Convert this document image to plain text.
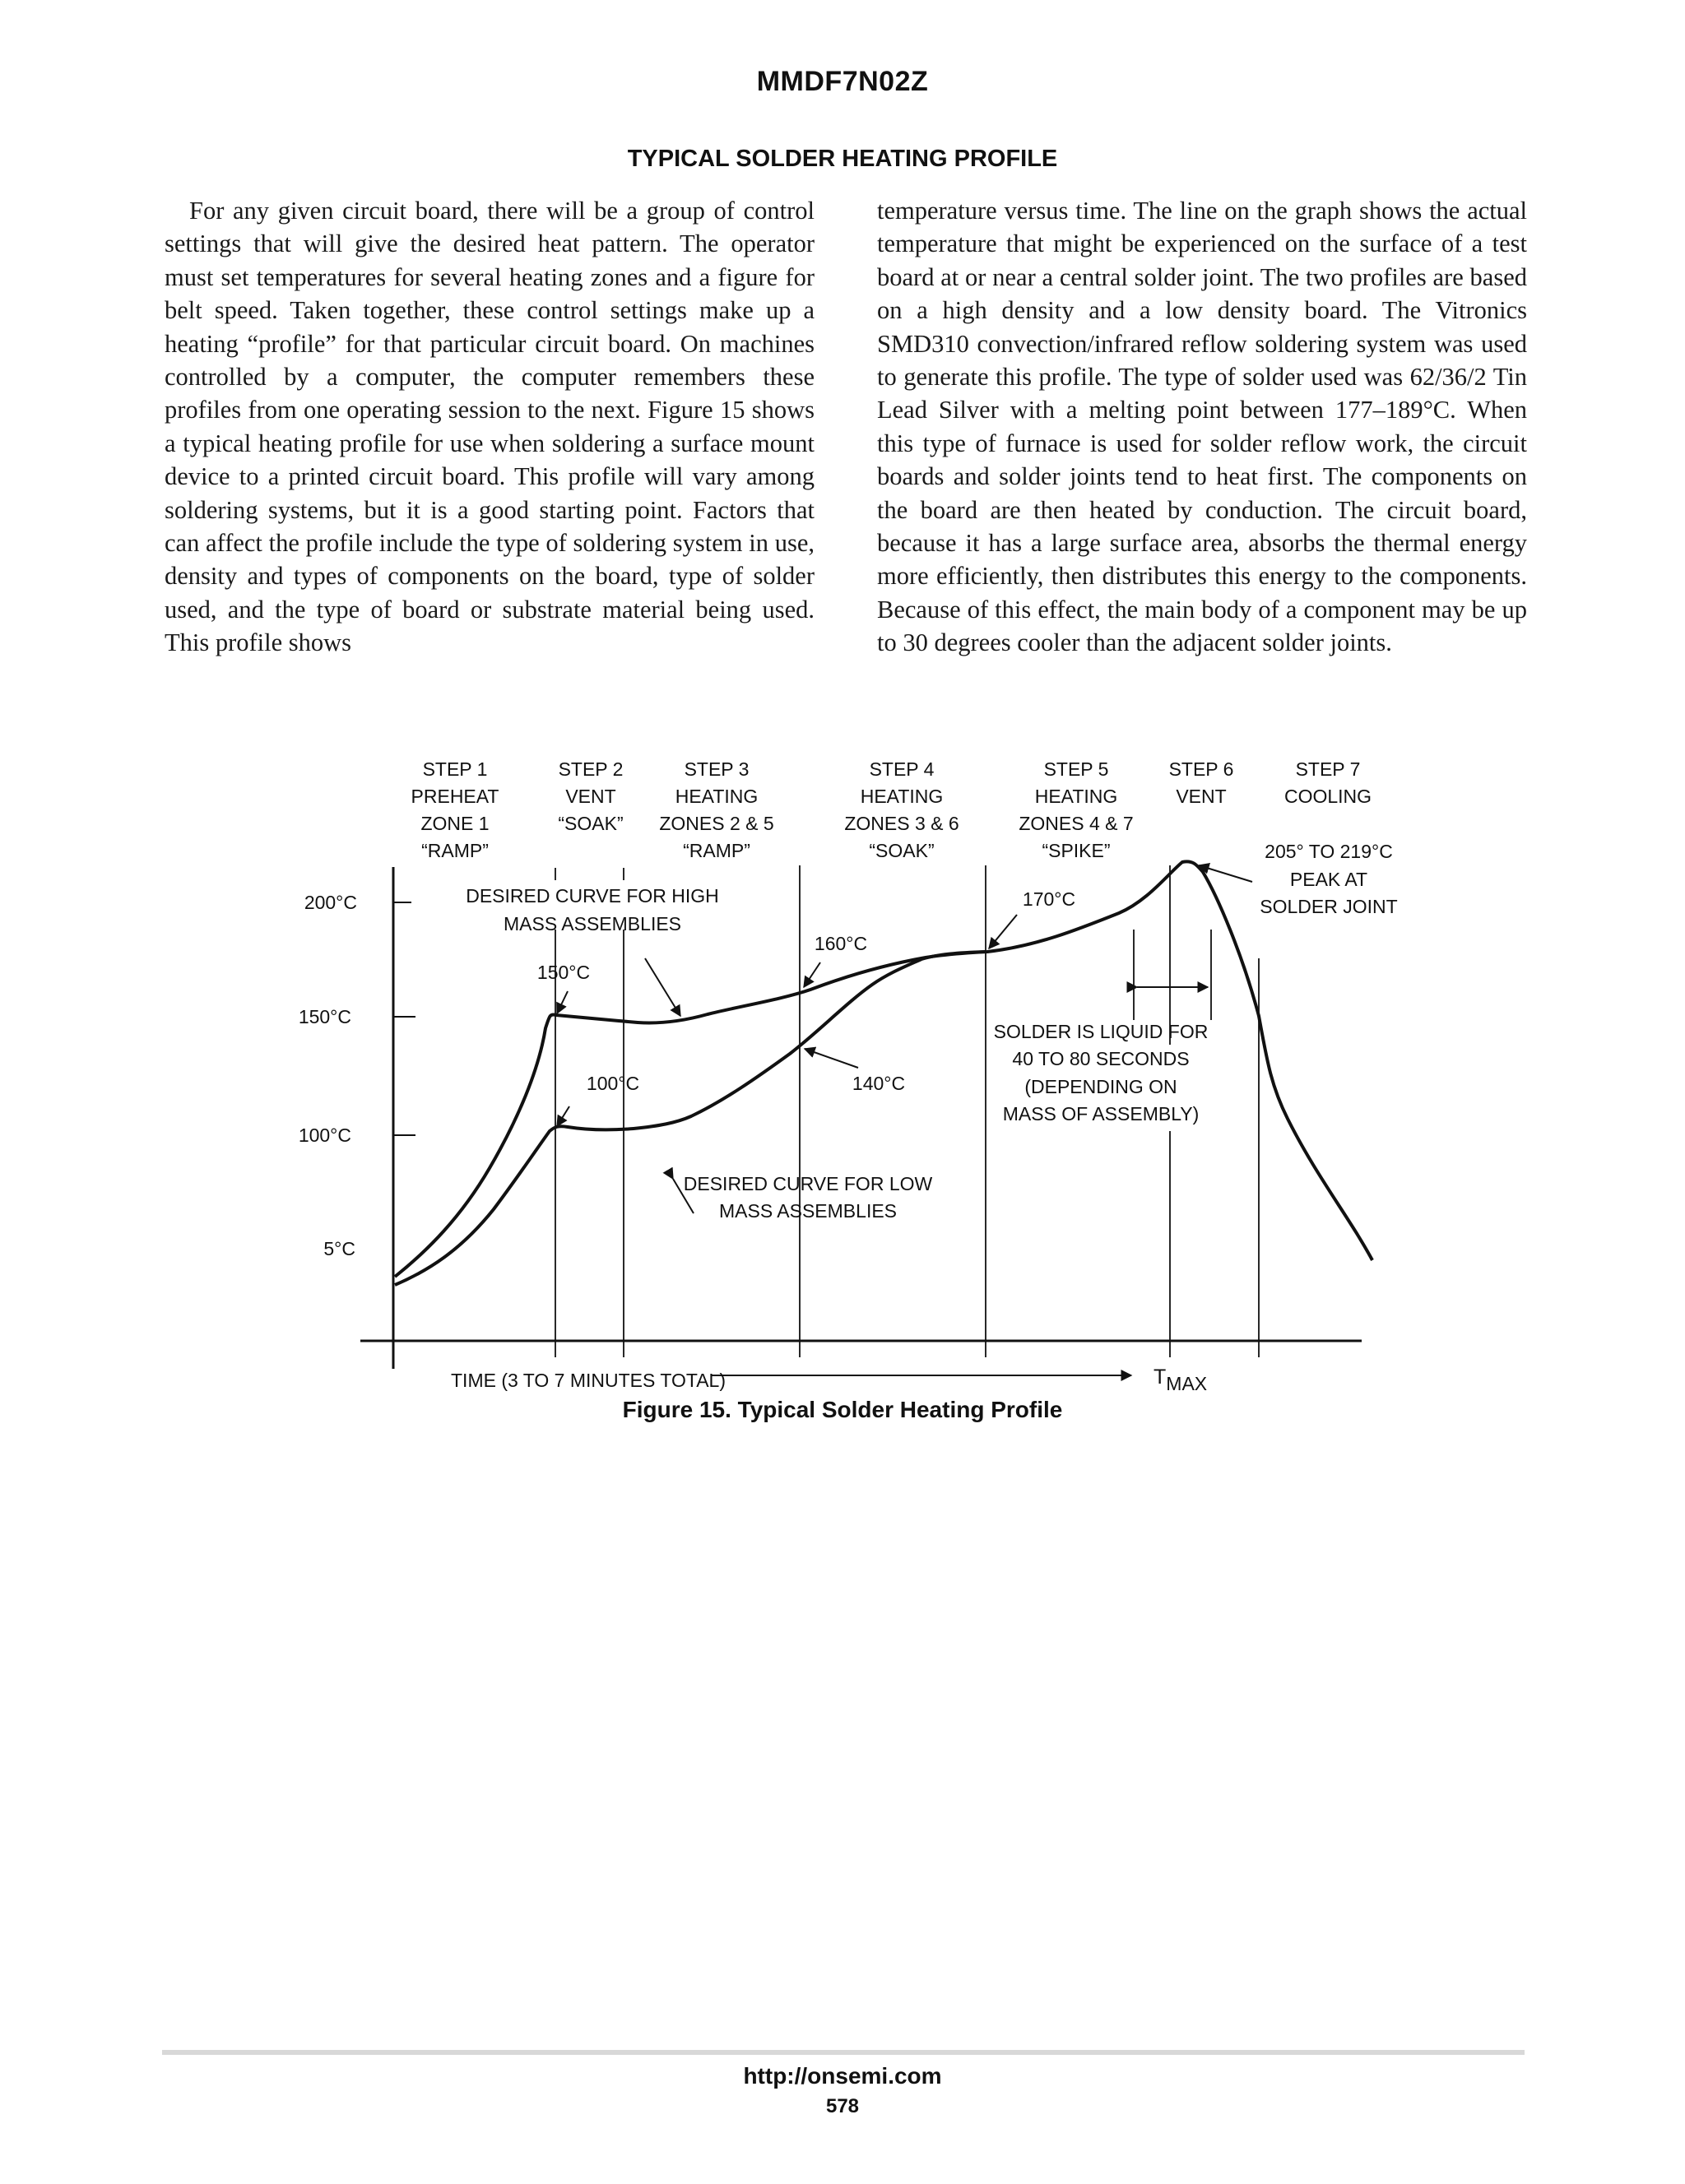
MMDF7N02Z
TYPICAL SOLDER HEATING PROFILE

For any given circuit board, there will be a group of control settings that will give the desired heat pattern. The operator must set temperatures for several heating zones and a figure for belt speed. Taken together, these control settings make up a heating “profile” for that particular circuit board. On machines controlled by a computer, the computer remembers these profiles from one operating session to the next. Figure 15 shows a typical heating profile for use when soldering a surface mount device to a printed circuit board. This profile will vary among soldering systems, but it is a good starting point. Factors that can affect the profile include the type of soldering system in use, density and types of components on the board, type of solder used, and the type of board or substrate material being used. This profile shows

temperature versus time. The line on the graph shows the actual temperature that might be experienced on the surface of a test board at or near a central solder joint. The two profiles are based on a high density and a low density board. The Vitronics SMD310 convection/infrared reflow soldering system was used to generate this profile. The type of solder used was 62/36/2 Tin Lead Silver with a melting point between 177–189°C. When this type of furnace is used for solder reflow work, the circuit boards and solder joints tend to heat first. The components on the board are then heated by conduction. The circuit board, because it has a large surface area, absorbs the thermal energy more efficiently, then distributes this energy to the components. Because of this effect, the main body of a component may be up to 30 degrees cooler than the adjacent solder joints.

STEP 1 PREHEAT ZONE 1 “RAMP”
STEP 2 VENT “SOAK”
STEP 3 HEATING ZONES 2 & 5 “RAMP”
STEP 4 HEATING ZONES 3 & 6 “SOAK”
STEP 5 HEATING ZONES 4 & 7 “SPIKE”
STEP 6 VENT
STEP 7 COOLING
200°C
150°C
100°C
5°C
DESIRED CURVE FOR HIGH MASS ASSEMBLIES
150°C
100°C
160°C
140°C
170°C
205° TO 219°C PEAK AT SOLDER JOINT
SOLDER IS LIQUID FOR 40 TO 80 SECONDS (DEPENDING ON MASS OF ASSEMBLY)
DESIRED CURVE FOR LOW MASS ASSEMBLIES
TIME (3 TO 7 MINUTES TOTAL)	TMAX
Figure 15. Typical Solder Heating Profile
http://onsemi.com
578
